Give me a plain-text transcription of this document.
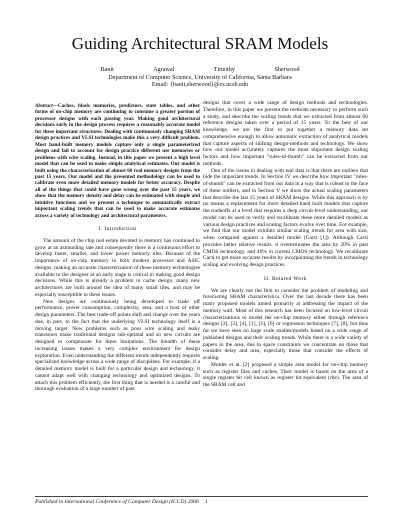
Guiding Architectural SRAM Models
Banit Agrawal Timothy Sherwood
Department of Computer Science, University of California, Santa Barbara
Email: {banit,sherwood}@cs.ucsb.edu
Abstract—Caches, block memories, predictors, state tables, and other forms of on-chip memory are continuing to consume a greater portion of processor designs with each passing year. Making good architectural decisions early in the design process requires a reasonably accurate model for these important structures. Dealing with continuously changing SRAM design practices and VLSI technologies make this a very difficult problem. Most hand-built memory models capture only a single parameterized design and fail to account for design practice different use memories or problems with wire scaling. Instead, in this paper we present a high level model that can be used to make simple analytical estimates. Our model is built using the characterization of almost 60 real memory designs from the past 15 years. Our model and the presented methodology can be used to calibrate even more detailed memory models for better accuracy. Despite all of the things that could have gone wrong over the past 15 years, we show that the memory density and delay can be estimated with simple and intuitive functions and we present a technique to automatically extract important scaling trends that can be used to make accurate estimates across a variety of technology and architectural parameters.
I. Introduction

The amount of the chip real estate devoted to memory has continued to grow at an astounding rate and consequently there is a continuous effort to develop faster, smaller, and lower power memory tiles. Because of the importance of on-chip memory in both modern processor and ASIC designs, making an accurate characterization of those memory technologies available to the designer at an early stage is critical in making good design decisions. While this is already a problem in cache design, many new architectures are built around the idea of many small tiles, and may be especially susceptible to these issues.

New designs are continuously being developed to trade off performance, power consumption, complexity, area, and a host of other design parameters. The best trade-off points shift and change over the years due, in part, to the fact that the underlying VLSI technology itself is a moving target. New problems such as poor wire scaling and leaky transistors make traditional designs sub-optimal and so new circuits are designed to compensate for these limitations. The breadth of these increasing issues makes a very complex environment for design exploration. Even understanding the different trends independently requires specialized knowledge across a wide range of disciplines. For example, if a detailed memory model is built for a particular design and technology, it cannot adapt well with changing technology and optimized designs. To attach this problem efficiently, the first thing that is needed is a careful and thorough evaluation of a large number of past

designs that cover a wide range of design methods and technologies. Therefore, in this paper we present the methods necessary to perform such a study, and describe the scaling trends that we extracted from almost 60 reference designs taken over a period of 15 years. To the best of our knowledge, we are the first to put together a memory data set comprehensive enough to allow automatic extraction of analytical models that capture aspects of shifting design-methods and technology. We show how our model accurately captures the most important design scaling factors and how important "rules-of-thumb" can be extracted from our methods.

One of the issues in dealing with real data is that there are outliers that hide the important trends. In Section IV we describe how important "rules-of-thumb" can be extracted from our data in a way that is robust in the face of these outliers, and in Section V we show the actual scaling parameters that describe the last 15 years of SRAM designs. While this approach is by no means a replacement for more detailed hand built models that capture the tradeoffs at a level that requires a deep circuit-level understanding, our model can be used to verify and recalibrate these more detailed models as various design practices and scaling factors evolve over time. For example, we find that our model exhibits similar scaling trends for area with size, when compared against a detailed model (Cacti [1]). Although Cacti provides better relative results, it overestimates the area by 20% in past CMOS technology, and 40% in current CMOS technology. We recalibrate Cacti to get more accurate results by incorporating the trends in technology scaling and evolving design practices.

II. Related Work

We are clearly not the first to consider the problem of modeling and forecasting SRAM characteristics. Over the last decade there has been many proposed models aimed primarily at addressing the impact of the memory wall. Most of this research has been focused on low-level circuit characterizations to model the on-chip memory either through reference designs [2], [3], [4], [1], [5], [6] or regression techniques [7], [8], but thus far we have seen no large scale studies/models based on a wide range of published designs and their scaling trends. While there is a wide variety of papers in the area, due to space constraints we concentrate on those that consider delay and area, especially those that consider the effects of scaling.

Mulder et al. [2] proposed a simple area model for on-chip memory such as register files and caches. Their model is based on the area of a single register bit cell known as register bit equivalent (rbe). The area of the SRAM cell and

Published in International Conference of Computer Design (ICCD) 2006 1
